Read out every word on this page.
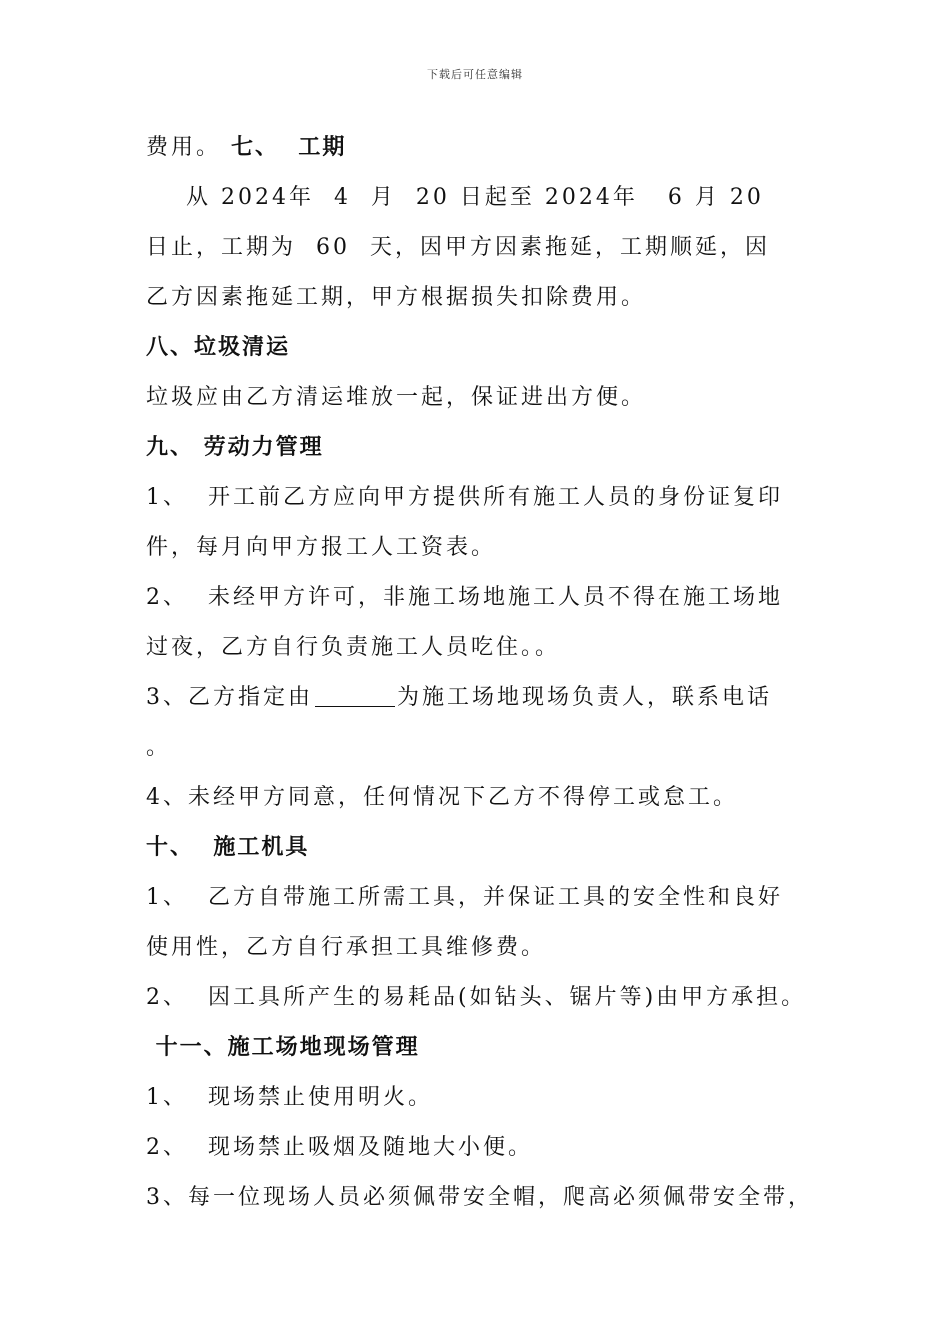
下载后可任意编辑
费用。 七、  工期
从 2024年  4  月  20 日起至 2024年   6 月 20
日止，工期为  60  天，因甲方因素拖延，工期顺延，因
乙方因素拖延工期，甲方根据损失扣除费用。
八、垃圾清运
垃圾应由乙方清运堆放一起，保证进出方便。
九、 劳动力管理
1、  开工前乙方应向甲方提供所有施工人员的身份证复印
件，每月向甲方报工人工资表。
2、  未经甲方许可，非施工场地施工人员不得在施工场地
过夜，乙方自行负责施工人员吃住。。
3、乙方指定由	为施工场地现场负责人，联系电话
。
4、未经甲方同意，任何情况下乙方不得停工或怠工。
十、  施工机具
1、  乙方自带施工所需工具，并保证工具的安全性和良好
使用性，乙方自行承担工具维修费。
2、  因工具所产生的易耗品(如钻头、锯片等)由甲方承担。
十一、施工场地现场管理
1、  现场禁止使用明火。
2、  现场禁止吸烟及随地大小便。
3、每一位现场人员必须佩带安全帽，爬高必须佩带安全带，
